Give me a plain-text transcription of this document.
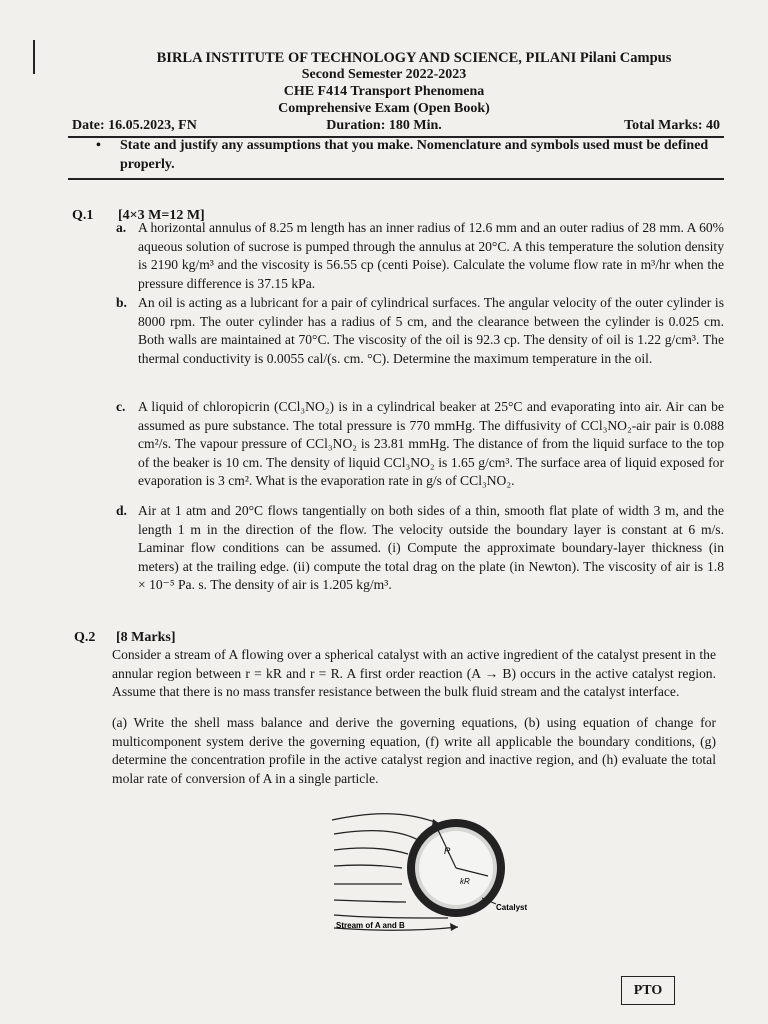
BIRLA INSTITUTE OF TECHNOLOGY AND SCIENCE, PILANI Pilani Campus
Second Semester 2022-2023
CHE F414 Transport Phenomena
Comprehensive Exam (Open Book)
Date: 16.05.2023, FN	Duration: 180 Min.	Total Marks: 40
•	State and justify any assumptions that you make. Nomenclature and symbols used must be defined properly.
Q.1 [4×3 M=12 M]
a. A horizontal annulus of 8.25 m length has an inner radius of 12.6 mm and an outer radius of 28 mm. A 60% aqueous solution of sucrose is pumped through the annulus at 20°C. A this temperature the solution density is 2190 kg/m³ and the viscosity is 56.55 cp (centi Poise). Calculate the volume flow rate in m³/hr when the pressure difference is 37.15 kPa.
b. An oil is acting as a lubricant for a pair of cylindrical surfaces. The angular velocity of the outer cylinder is 8000 rpm. The outer cylinder has a radius of 5 cm, and the clearance between the cylinder is 0.025 cm. Both walls are maintained at 70°C. The viscosity of the oil is 92.3 cp. The density of oil is 1.22 g/cm³. The thermal conductivity is 0.0055 cal/(s. cm. °C). Determine the maximum temperature in the oil.
c. A liquid of chloropicrin (CCl₃NO₂) is in a cylindrical beaker at 25°C and evaporating into air. Air can be assumed as pure substance. The total pressure is 770 mmHg. The diffusivity of CCl₃NO₂-air pair is 0.088 cm²/s. The vapour pressure of CCl₃NO₂ is 23.81 mmHg. The distance of from the liquid surface to the top of the beaker is 10 cm. The density of liquid CCl₃NO₂ is 1.65 g/cm³. The surface area of liquid exposed for evaporation is 3 cm². What is the evaporation rate in g/s of CCl₃NO₂.
d. Air at 1 atm and 20°C flows tangentially on both sides of a thin, smooth flat plate of width 3 m, and the length 1 m in the direction of the flow. The velocity outside the boundary layer is constant at 6 m/s. Laminar flow conditions can be assumed. (i) Compute the approximate boundary-layer thickness (in meters) at the trailing edge. (ii) compute the total drag on the plate (in Newton). The viscosity of air is 1.8 × 10⁻⁵ Pa. s. The density of air is 1.205 kg/m³.
Q.2 [8 Marks]
Consider a stream of A flowing over a spherical catalyst with an active ingredient of the catalyst present in the annular region between r = kR and r = R. A first order reaction (A → B) occurs in the active catalyst region. Assume that there is no mass transfer resistance between the bulk fluid stream and the catalyst interface.
(a) Write the shell mass balance and derive the governing equations, (b) using equation of change for multicomponent system derive the governing equation, (f) write all applicable the boundary conditions, (g) determine the concentration profile in the active catalyst region and inactive region, and (h) evaluate the total molar rate of conversion of A in a single particle.
R
kR
Catalyst
Stream of A and B
PTO
